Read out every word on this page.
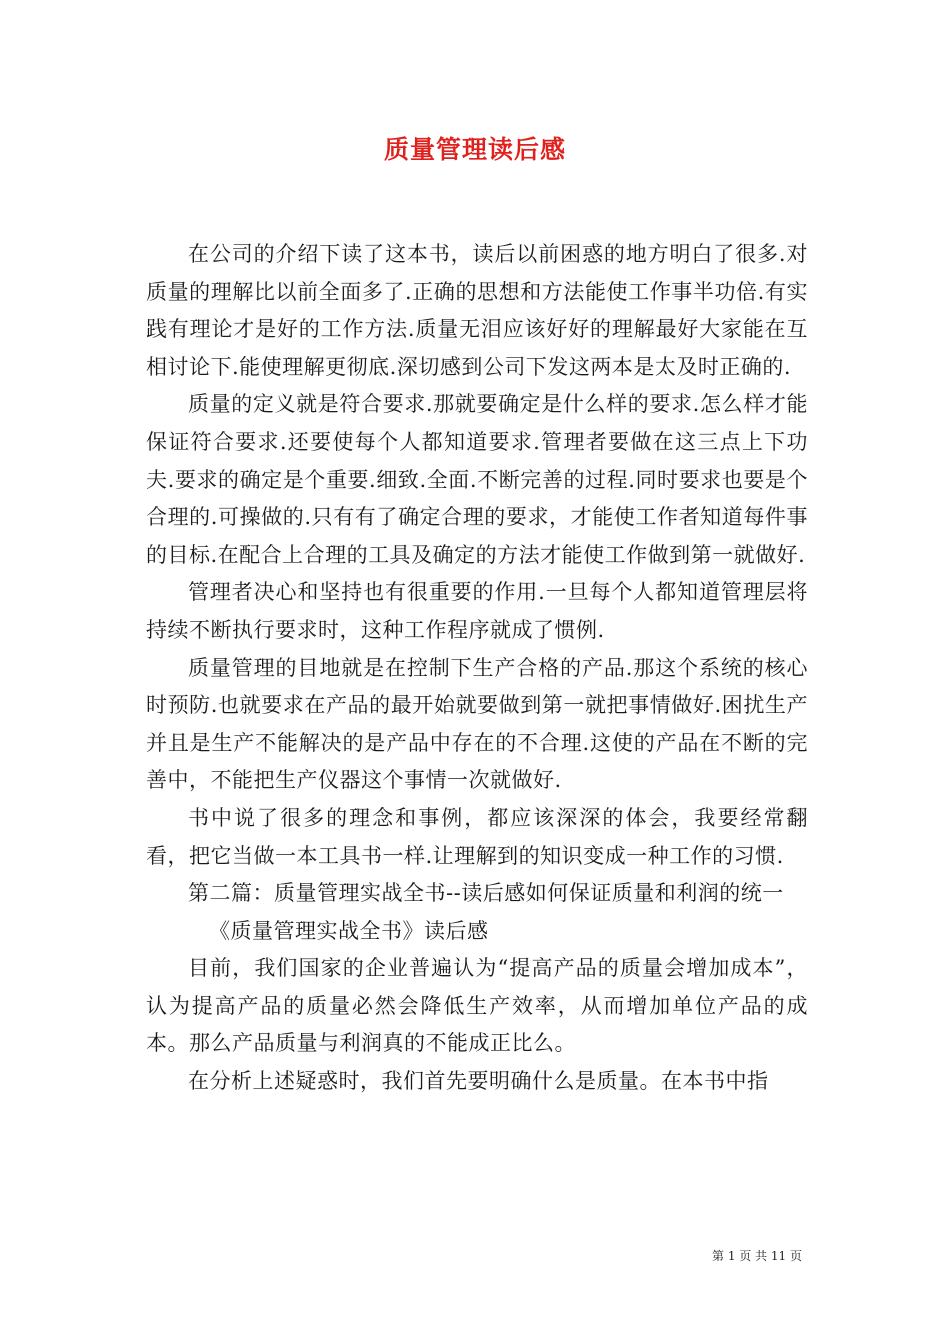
质量管理读后感

在公司的介绍下读了这本书，读后以前困惑的地方明白了很多.对质量的理解比以前全面多了.正确的思想和方法能使工作事半功倍.有实践有理论才是好的工作方法.质量无泪应该好好的理解最好大家能在互相讨论下.能使理解更彻底.深切感到公司下发这两本是太及时正确的.

质量的定义就是符合要求.那就要确定是什么样的要求.怎么样才能保证符合要求.还要使每个人都知道要求.管理者要做在这三点上下功夫.要求的确定是个重要.细致.全面.不断完善的过程.同时要求也要是个合理的.可操做的.只有有了确定合理的要求，才能使工作者知道每件事的目标.在配合上合理的工具及确定的方法才能使工作做到第一就做好.

管理者决心和坚持也有很重要的作用.一旦每个人都知道管理层将持续不断执行要求时，这种工作程序就成了惯例.

质量管理的目地就是在控制下生产合格的产品.那这个系统的核心时预防.也就要求在产品的最开始就要做到第一就把事情做好.困扰生产并且是生产不能解决的是产品中存在的不合理.这使的产品在不断的完善中，不能把生产仪器这个事情一次就做好.

书中说了很多的理念和事例，都应该深深的体会，我要经常翻看，把它当做一本工具书一样.让理解到的知识变成一种工作的习惯.

第二篇：质量管理实战全书--读后感如何保证质量和利润的统一

《质量管理实战全书》读后感

目前，我们国家的企业普遍认为“提高产品的质量会增加成本”，认为提高产品的质量必然会降低生产效率，从而增加单位产品的成本。那么产品质量与利润真的不能成正比么。

在分析上述疑惑时，我们首先要明确什么是质量。在本书中指

第 1 页 共 11 页
